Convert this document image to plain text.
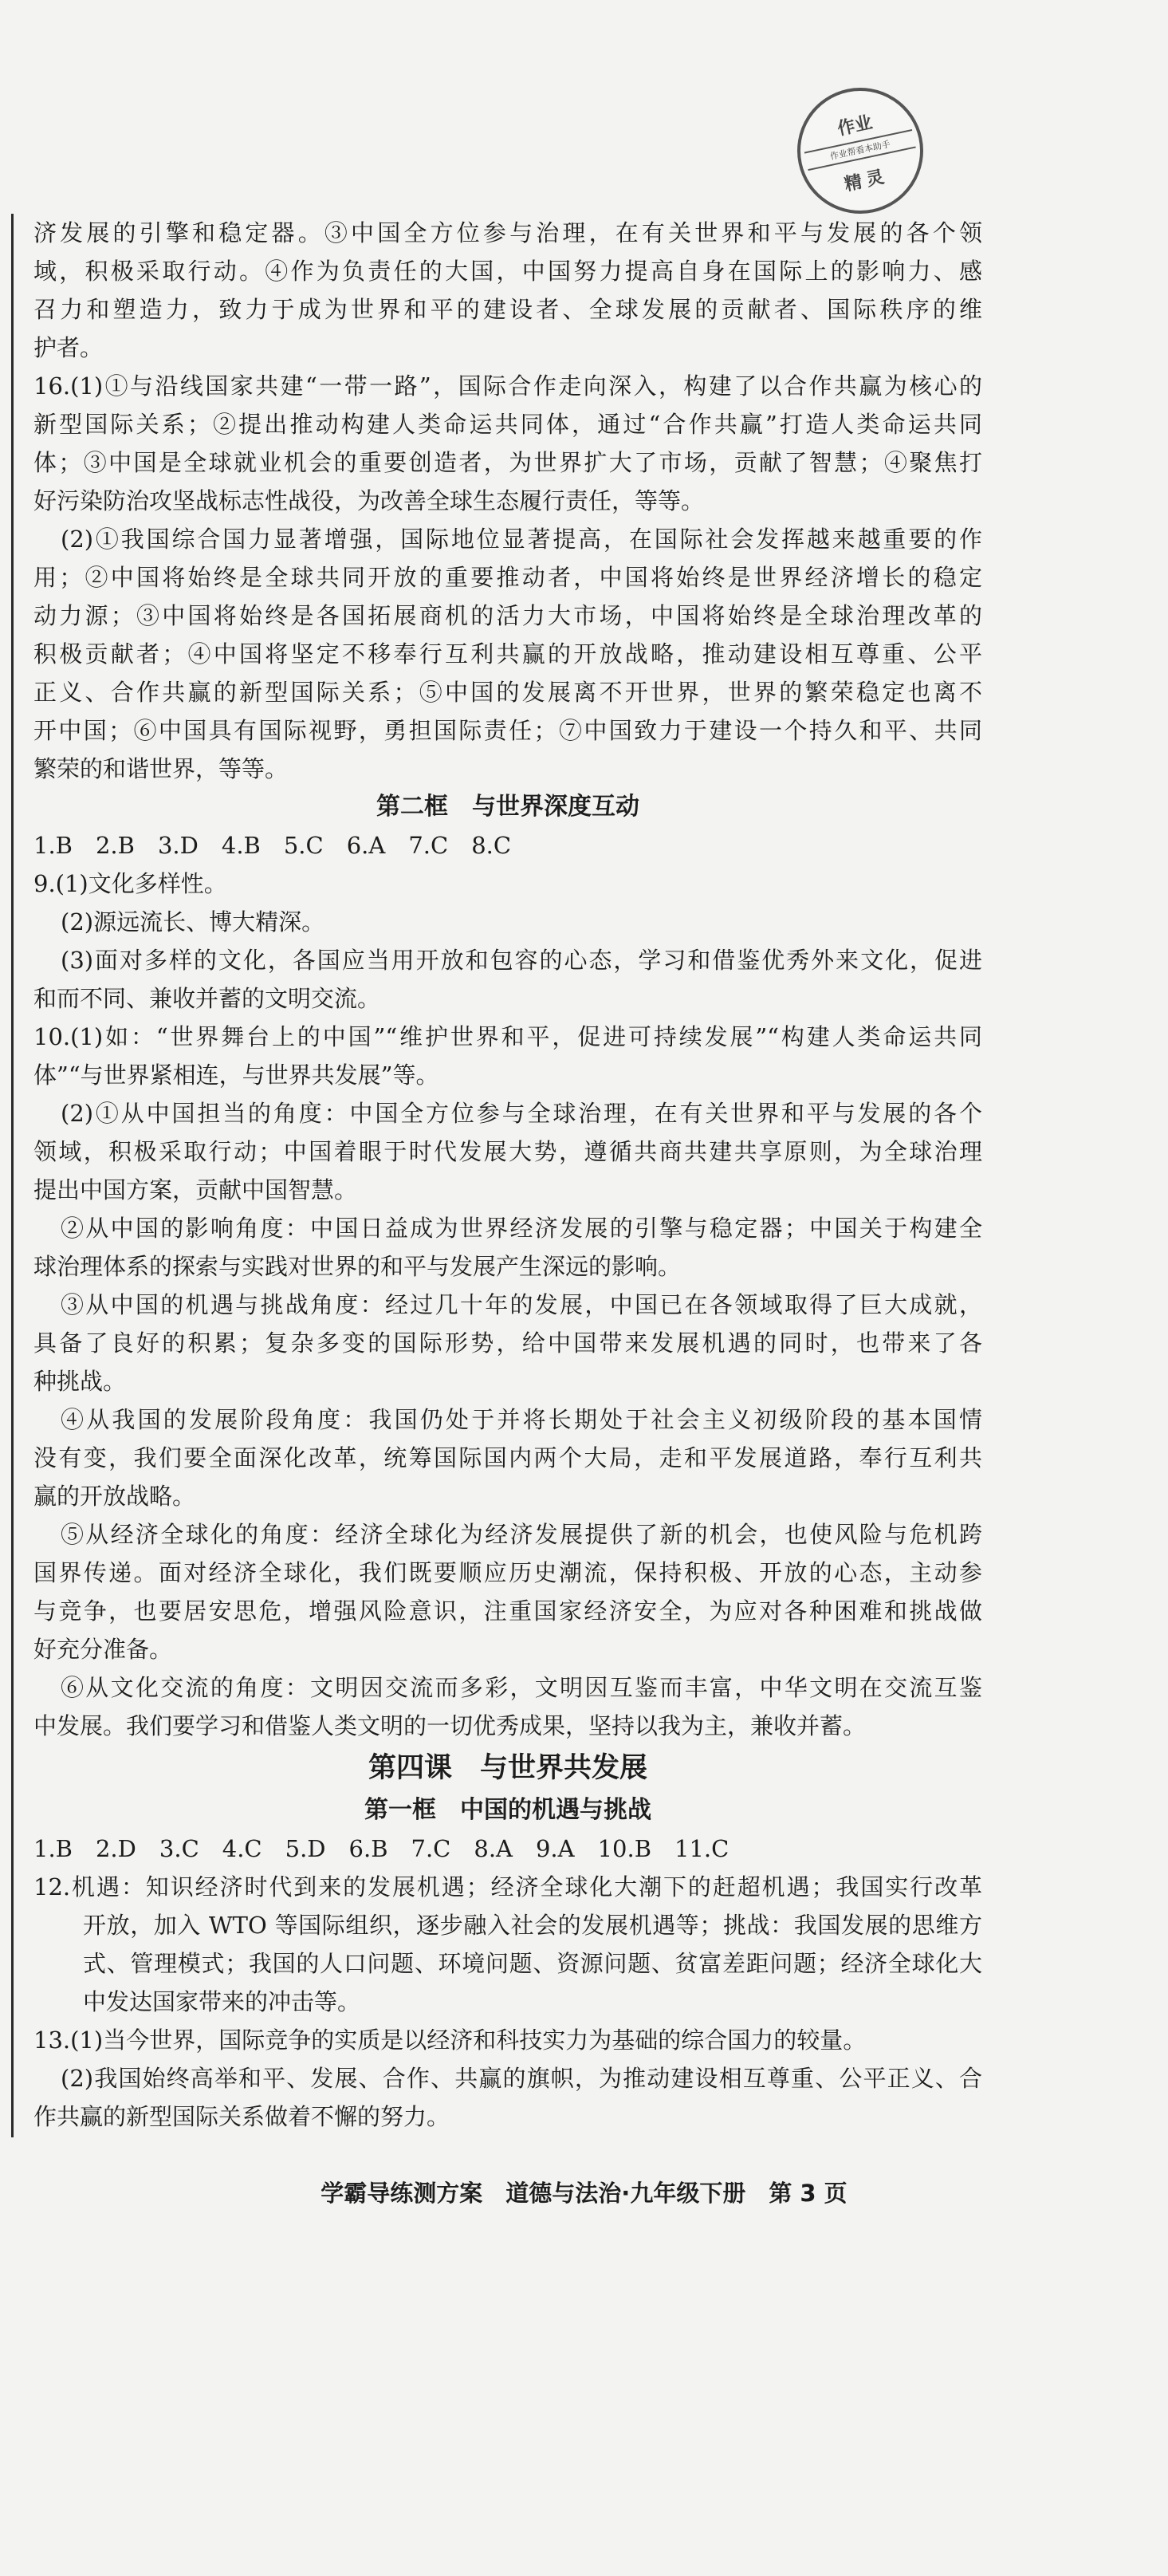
作业
作业帮看本助手
精灵
济发展的引擎和稳定器。③中国全方位参与治理，在有关世界和平与发展的各个领
域，积极采取行动。④作为负责任的大国，中国努力提高自身在国际上的影响力、感
召力和塑造力，致力于成为世界和平的建设者、全球发展的贡献者、国际秩序的维
护者。
16.(1)①与沿线国家共建“一带一路”，国际合作走向深入，构建了以合作共赢为核心的
新型国际关系；②提出推动构建人类命运共同体，通过“合作共赢”打造人类命运共同
体；③中国是全球就业机会的重要创造者，为世界扩大了市场，贡献了智慧；④聚焦打
好污染防治攻坚战标志性战役，为改善全球生态履行责任，等等。
(2)①我国综合国力显著增强，国际地位显著提高，在国际社会发挥越来越重要的作
用；②中国将始终是全球共同开放的重要推动者，中国将始终是世界经济增长的稳定
动力源；③中国将始终是各国拓展商机的活力大市场，中国将始终是全球治理改革的
积极贡献者；④中国将坚定不移奉行互利共赢的开放战略，推动建设相互尊重、公平
正义、合作共赢的新型国际关系；⑤中国的发展离不开世界，世界的繁荣稳定也离不
开中国；⑥中国具有国际视野，勇担国际责任；⑦中国致力于建设一个持久和平、共同
繁荣的和谐世界，等等。
第二框　与世界深度互动
1.B　2.B　3.D　4.B　5.C　6.A　7.C　8.C
9.(1)文化多样性。
(2)源远流长、博大精深。
(3)面对多样的文化，各国应当用开放和包容的心态，学习和借鉴优秀外来文化，促进
和而不同、兼收并蓄的文明交流。
10.(1)如：“世界舞台上的中国”“维护世界和平，促进可持续发展”“构建人类命运共同
体”“与世界紧相连，与世界共发展”等。
(2)①从中国担当的角度：中国全方位参与全球治理，在有关世界和平与发展的各个
领域，积极采取行动；中国着眼于时代发展大势，遵循共商共建共享原则，为全球治理
提出中国方案，贡献中国智慧。
②从中国的影响角度：中国日益成为世界经济发展的引擎与稳定器；中国关于构建全
球治理体系的探索与实践对世界的和平与发展产生深远的影响。
③从中国的机遇与挑战角度：经过几十年的发展，中国已在各领域取得了巨大成就，
具备了良好的积累；复杂多变的国际形势，给中国带来发展机遇的同时，也带来了各
种挑战。
④从我国的发展阶段角度：我国仍处于并将长期处于社会主义初级阶段的基本国情
没有变，我们要全面深化改革，统筹国际国内两个大局，走和平发展道路，奉行互利共
赢的开放战略。
⑤从经济全球化的角度：经济全球化为经济发展提供了新的机会，也使风险与危机跨
国界传递。面对经济全球化，我们既要顺应历史潮流，保持积极、开放的心态，主动参
与竞争，也要居安思危，增强风险意识，注重国家经济安全，为应对各种困难和挑战做
好充分准备。
⑥从文化交流的角度：文明因交流而多彩，文明因互鉴而丰富，中华文明在交流互鉴
中发展。我们要学习和借鉴人类文明的一切优秀成果，坚持以我为主，兼收并蓄。
第四课　与世界共发展
第一框　中国的机遇与挑战
1.B　2.D　3.C　4.C　5.D　6.B　7.C　8.A　9.A　10.B　11.C
12.机遇：知识经济时代到来的发展机遇；经济全球化大潮下的赶超机遇；我国实行改革
开放，加入 WTO 等国际组织，逐步融入社会的发展机遇等；挑战：我国发展的思维方
式、管理模式；我国的人口问题、环境问题、资源问题、贫富差距问题；经济全球化大
中发达国家带来的冲击等。
13.(1)当今世界，国际竞争的实质是以经济和科技实力为基础的综合国力的较量。
(2)我国始终高举和平、发展、合作、共赢的旗帜，为推动建设相互尊重、公平正义、合
作共赢的新型国际关系做着不懈的努力。
学霸导练测方案　道德与法治·九年级下册　第 3 页
